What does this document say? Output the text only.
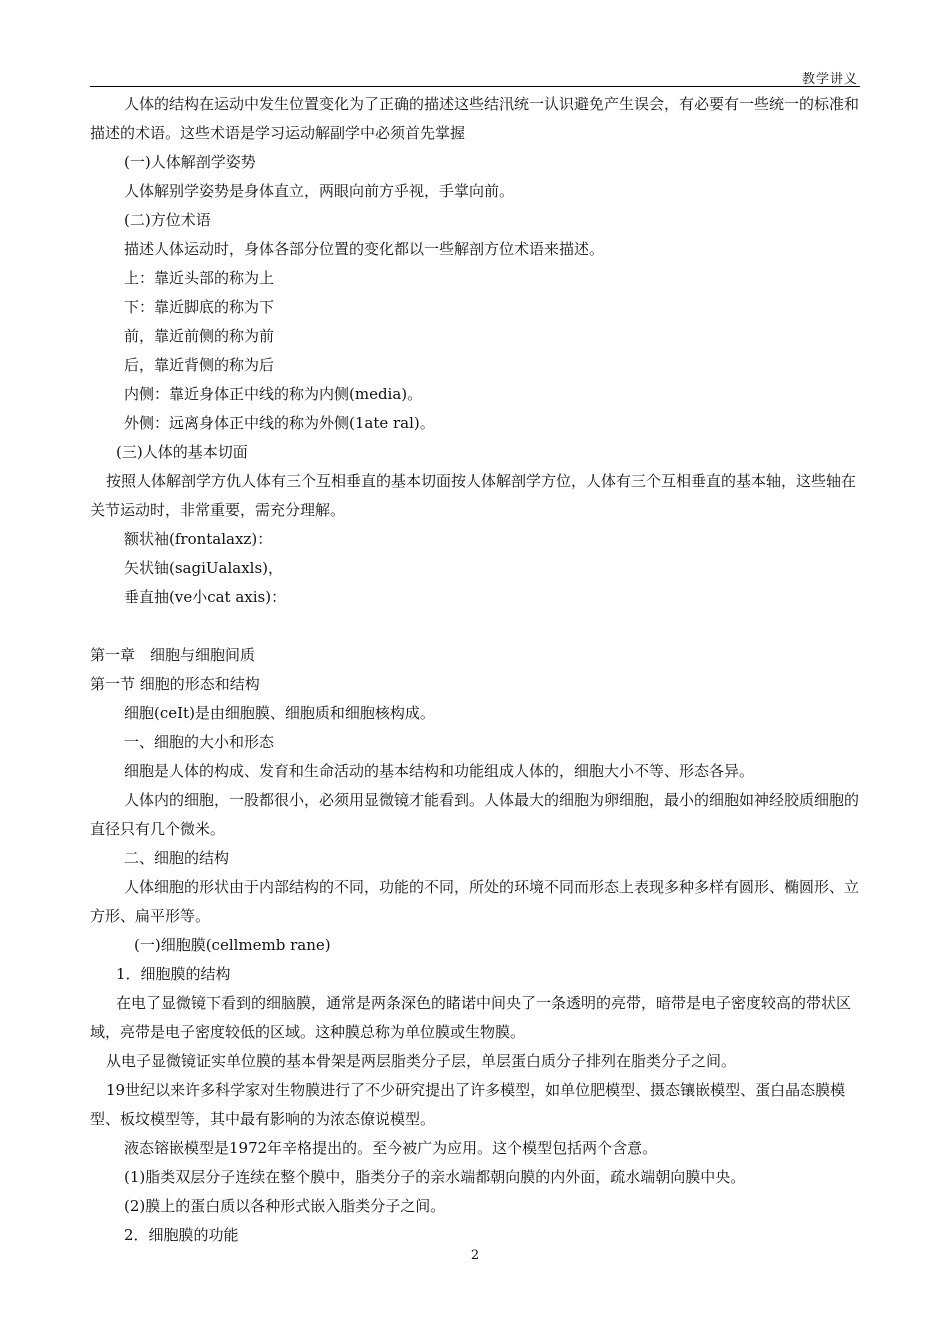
教学讲义

人体的结构在运动中发生位置变化为了正确的描述这些结汛统一认识避免产生误会，有必要有一些统一的标准和描述的术语。这些术语是学习运动解副学中必须首先掌握

(一)人体解剖学姿势

人体解别学姿势是身体直立，两眼向前方乎视，手掌向前。

(二)方位术语

描述人体运动时，身体各部分位置的变化都以一些解剖方位术语来描述。

上：靠近头部的称为上

下：靠近脚底的称为下

前，靠近前侧的称为前

后，靠近背侧的称为后

内侧：靠近身体正中线的称为内侧(media)。

外侧：远离身体正中线的称为外侧(1ate ral)。

(三)人体的基本切面

按照人体解剖学方仇人体有三个互相垂直的基本切面按人体解剖学方位，人体有三个互相垂直的基本轴，这些轴在关节运动时，非常重要，需充分理解。

额状袖(frontalaxz)：

矢状铀(sagiUalaxls)，

垂直抽(ve小cat axis)：

第一章　细胞与细胞间质

第一节 细胞的形态和结构

细胞(ceIt)是由细胞膜、细胞质和细胞核构成。

一、细胞的大小和形态

细胞是人体的构成、发育和生命活动的基本结构和功能组成人体的，细胞大小不等、形态各异。

人体内的细胞，一股都很小，必须用显微镜才能看到。人体最大的细胞为卵细胞，最小的细胞如神经胶质细胞的直径只有几个微米。

二、细胞的结构

人体细胞的形状由于内部结构的不同，功能的不同，所处的环境不同而形态上表现多种多样有圆形、椭圆形、立方形、扁平形等。

(一)细胞膜(cellmemb rane)

1．细胞膜的结构

在电了显微镜下看到的细脑膜，通常是两条深色的睹诺中间央了一条透明的亮带，暗带是电子密度较高的带状区域，亮带是电子密度较低的区域。这种膜总称为单位膜或生物膜。

从电子显微镜证实单位膜的基本骨架是两层脂类分子层，单层蛋白质分子排列在脂类分子之间。

19世纪以来许多科学家对生物膜进行了不少研究提出了许多模型，如单位肥模型、摄态镶嵌模型、蛋白晶态膜模型、板坟模型等，其中最有影响的为浓态僚说模型。

液态镕嵌模型是1972年辛格提出的。至今被广为应用。这个模型包括两个含意。

(1)脂类双层分子连续在整个膜中，脂类分子的亲水端都朝向膜的内外面，疏水端朝向膜中央。

(2)膜上的蛋白质以各种形式嵌入脂类分子之间。

2．细胞膜的功能

2
